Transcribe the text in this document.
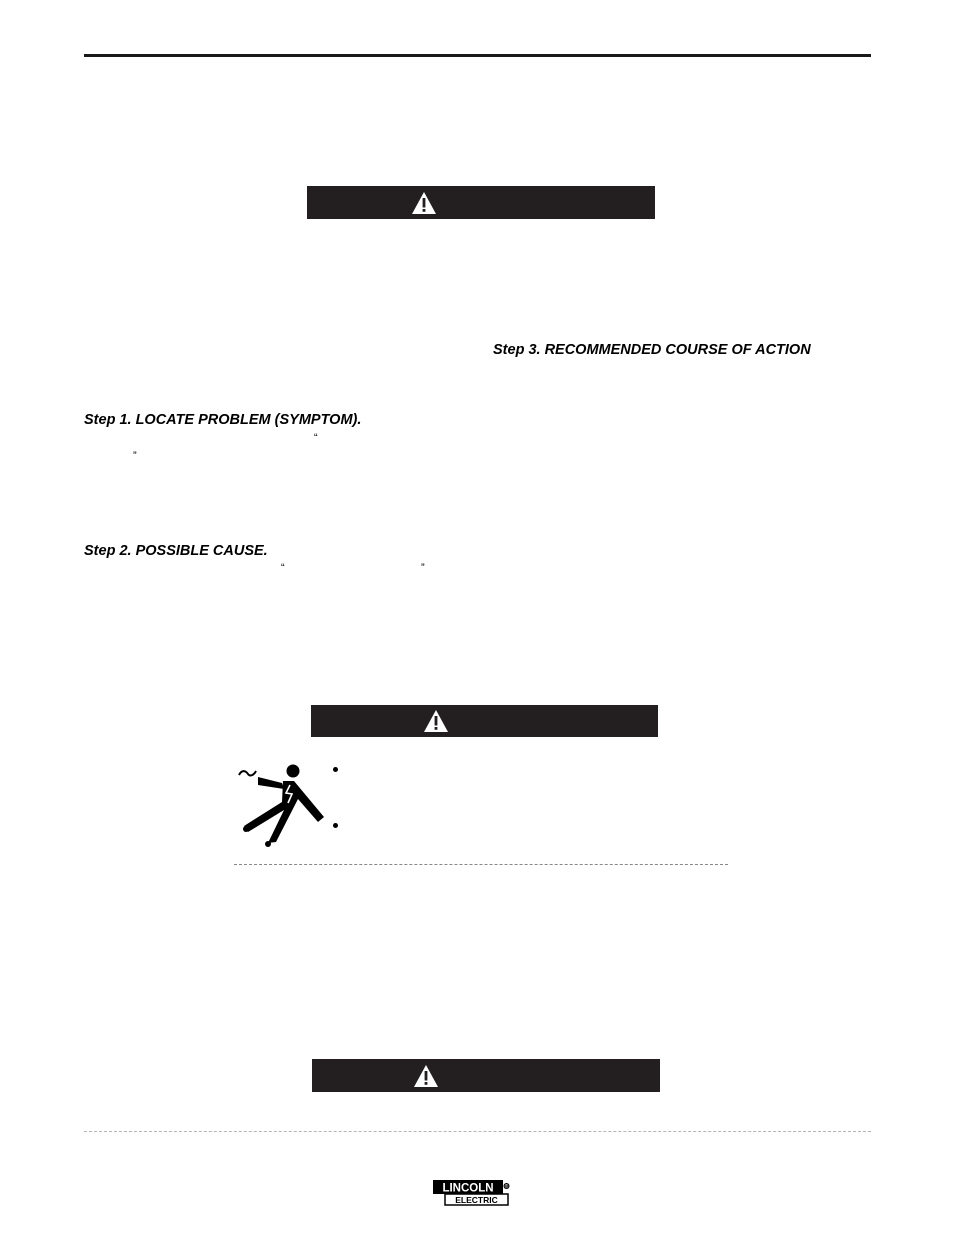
Step 3. RECOMMENDED COURSE OF ACTION
Step 1. LOCATE PROBLEM (SYMPTOM).
“
”
Step 2. POSSIBLE CAUSE.
“	”
LINCOLN
ELECTRIC
®
